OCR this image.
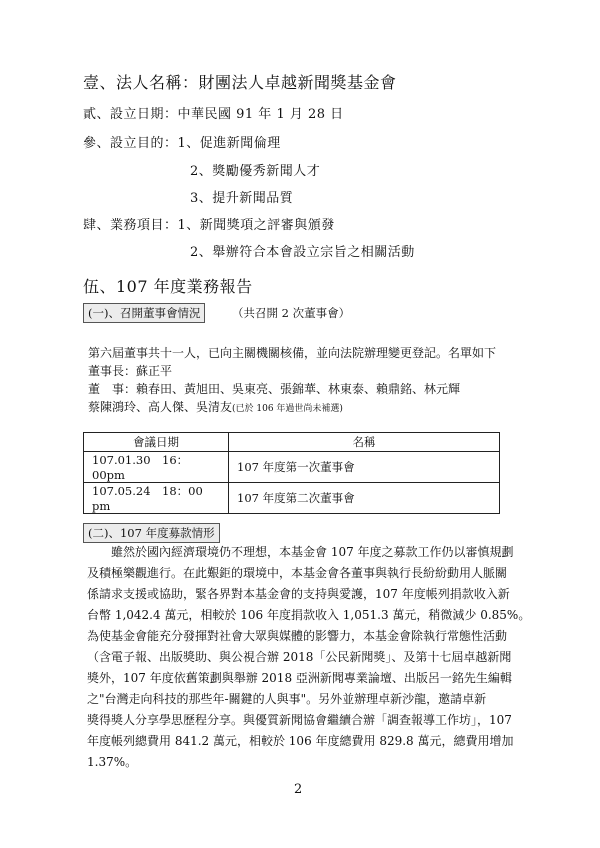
壹、法人名稱：財團法人卓越新聞獎基金會
貳、設立日期：中華民國 91 年 1 月 28 日
參、設立目的：1、促進新聞倫理
2、獎勵優秀新聞人才
3、提升新聞品質
肆、業務項目：1、新聞獎項之評審與頒發
2、舉辦符合本會設立宗旨之相關活動
伍、107 年度業務報告
(一)、召開董事會情況	（共召開 2 次董事會）
第六屆董事共十一人，已向主關機關核備，並向法院辦理變更登記。名單如下
董事長：蘇正平
董　事：賴春田、黃旭田、吳東亮、張錦華、林東泰、賴鼎銘、林元輝
蔡陳鴻玲、高人傑、吳清友(已於 106 年過世尚未補選)
會議日期	名稱
107.01.30　16：00pm	107 年度第一次董事會
107.05.24　18：00 pm	107 年度第二次董事會
(二)、107 年度募款情形
　　雖然於國內經濟環境仍不理想，本基金會 107 年度之募款工作仍以審慎規劃
及積極樂觀進行。在此艱鉅的環境中，本基金會各董事與執行長紛紛動用人脈關
係請求支援或協助，緊各界對本基金會的支持與愛護，107 年度帳列捐款收入新
台幣 1,042.4 萬元，相較於 106 年度捐款收入 1,051.3 萬元，稍微減少 0.85%。
為使基金會能充分發揮對社會大眾與媒體的影響力，本基金會除執行常態性活動
（含電子報、出版獎助、與公視合辦 2018「公民新聞獎」、及第十七屆卓越新聞
獎外，107 年度依舊策劃與舉辦 2018 亞洲新聞專業論壇、出版呂一銘先生編輯
之"台灣走向科技的那些年-關鍵的人與事"。另外並辦理卓新沙龍，邀請卓新
獎得獎人分享學思歷程分享。與優質新聞協會繼續合辦「調查報導工作坊」，107
年度帳列總費用 841.2 萬元，相較於 106 年度總費用 829.8 萬元，總費用增加
1.37%。
2
